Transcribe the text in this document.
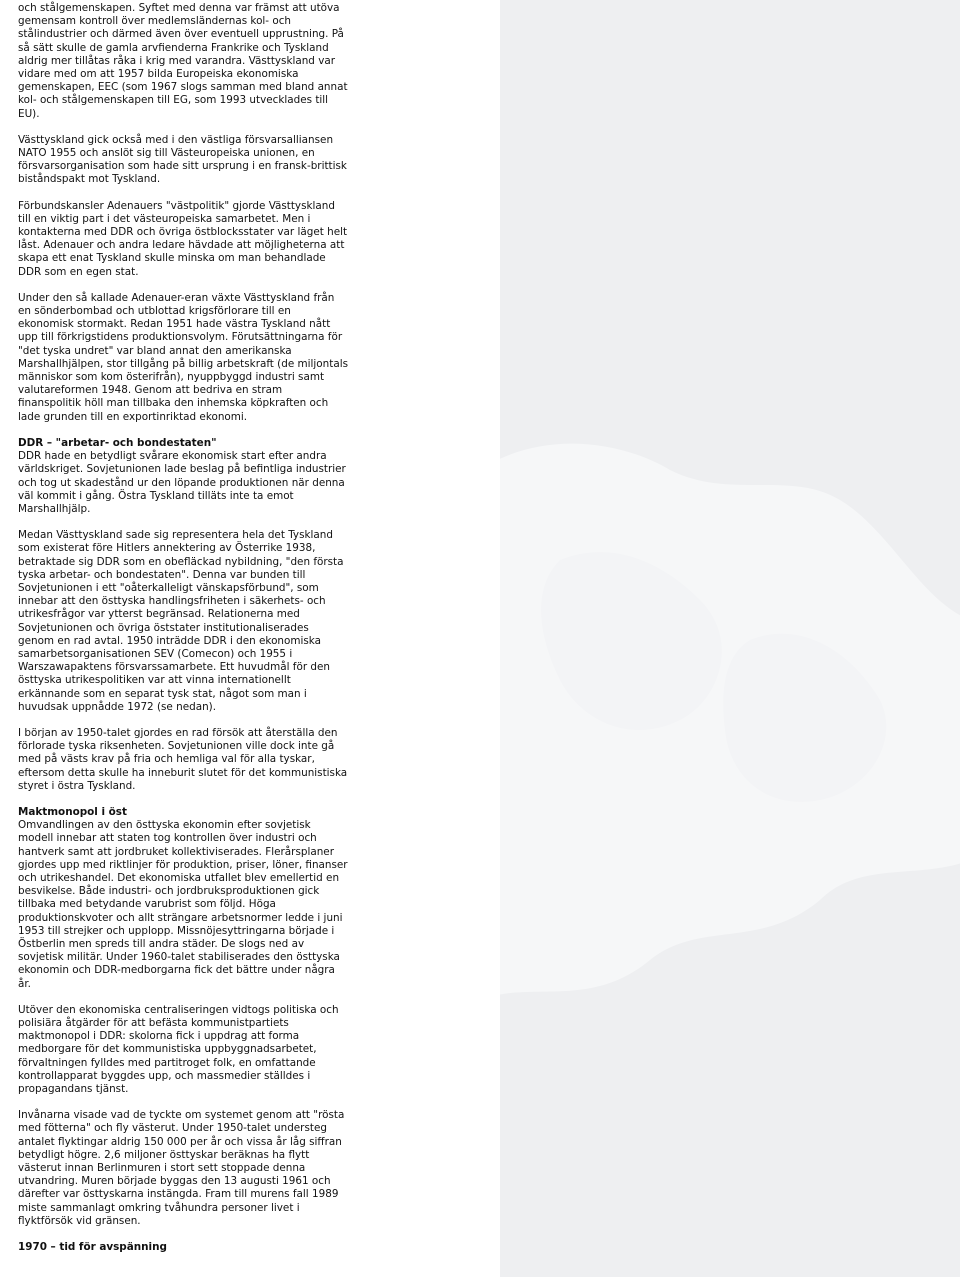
och stålgemenskapen. Syftet med denna var främst att utöva gemensam kontroll över medlemsländernas kol- och stålindustrier och därmed även över eventuell upprustning. På så sätt skulle de gamla arvfienderna Frankrike och Tyskland aldrig mer tillåtas råka i krig med varandra. Västtyskland var vidare med om att 1957 bilda Europeiska ekonomiska gemenskapen, EEC (som 1967 slogs samman med bland annat kol- och stålgemenskapen till EG, som 1993 utvecklades till EU).

Västtyskland gick också med i den västliga försvarsalliansen NATO 1955 och anslöt sig till Västeuropeiska unionen, en försvarsorganisation som hade sitt ursprung i en fransk-brittisk biståndspakt mot Tyskland.

Förbundskansler Adenauers "västpolitik" gjorde Västtyskland till en viktig part i det västeuropeiska samarbetet. Men i kontakterna med DDR och övriga östblocksstater var läget helt låst. Adenauer och andra ledare hävdade att möjligheterna att skapa ett enat Tyskland skulle minska om man behandlade DDR som en egen stat.

Under den så kallade Adenauer-eran växte Västtyskland från en sönderbombad och utblottad krigsförlorare till en ekonomisk stormakt. Redan 1951 hade västra Tyskland nått upp till förkrigstidens produktionsvolym. Förutsättningarna för "det tyska undret" var bland annat den amerikanska Marshallhjälpen, stor tillgång på billig arbetskraft (de miljontals människor som kom österifrån), nyuppbyggd industri samt valutareformen 1948. Genom att bedriva en stram finanspolitik höll man tillbaka den inhemska köpkraften och lade grunden till en exportinriktad ekonomi.

DDR – "arbetar- och bondestaten"
DDR hade en betydligt svårare ekonomisk start efter andra världskriget. Sovjetunionen lade beslag på befintliga industrier och tog ut skadestånd ur den löpande produktionen när denna väl kommit i gång. Östra Tyskland tilläts inte ta emot Marshallhjälp.

Medan Västtyskland sade sig representera hela det Tyskland som existerat före Hitlers annektering av Österrike 1938, betraktade sig DDR som en obefläckad nybildning, "den första tyska arbetar- och bondestaten". Denna var bunden till Sovjetunionen i ett "oåterkalleligt vänskapsförbund", som innebar att den östtyska handlingsfriheten i säkerhets- och utrikesfrågor var ytterst begränsad. Relationerna med Sovjetunionen och övriga öststater institutionaliserades genom en rad avtal. 1950 inträdde DDR i den ekonomiska samarbetsorganisationen SEV (Comecon) och 1955 i Warszawapaktens försvarssamarbete. Ett huvudmål för den östtyska utrikespolitiken var att vinna internationellt erkännande som en separat tysk stat, något som man i huvudsak uppnådde 1972 (se nedan).

I början av 1950-talet gjordes en rad försök att återställa den förlorade tyska riksenheten. Sovjetunionen ville dock inte gå med på västs krav på fria och hemliga val för alla tyskar, eftersom detta skulle ha inneburit slutet för det kommunistiska styret i östra Tyskland.

Maktmonopol i öst
Omvandlingen av den östtyska ekonomin efter sovjetisk modell innebar att staten tog kontrollen över industri och hantverk samt att jordbruket kollektiviserades. Flerårsplaner gjordes upp med riktlinjer för produktion, priser, löner, finanser och utrikeshandel. Det ekonomiska utfallet blev emellertid en besvikelse. Både industri- och jordbruksproduktionen gick tillbaka med betydande varubrist som följd. Höga produktionskvoter och allt strängare arbetsnormer ledde i juni 1953 till strejker och upplopp. Missnöjesyttringarna började i Östberlin men spreds till andra städer. De slogs ned av sovjetisk militär. Under 1960-talet stabiliserades den östtyska ekonomin och DDR-medborgarna fick det bättre under några år.

Utöver den ekonomiska centraliseringen vidtogs politiska och polisiära åtgärder för att befästa kommunistpartiets maktmonopol i DDR: skolorna fick i uppdrag att forma medborgare för det kommunistiska uppbyggnadsarbetet, förvaltningen fylldes med partitroget folk, en omfattande kontrollapparat byggdes upp, och massmedier ställdes i propagandans tjänst.

Invånarna visade vad de tyckte om systemet genom att "rösta med fötterna" och fly västerut. Under 1950-talet understeg antalet flyktingar aldrig 150 000 per år och vissa år låg siffran betydligt högre. 2,6 miljoner östtyskar beräknas ha flytt västerut innan Berlinmuren i stort sett stoppade denna utvandring. Muren började byggas den 13 augusti 1961 och därefter var östtyskarna instängda. Fram till murens fall 1989 miste sammanlagt omkring tvåhundra personer livet i flyktförsök vid gränsen.

1970 – tid för avspänning
